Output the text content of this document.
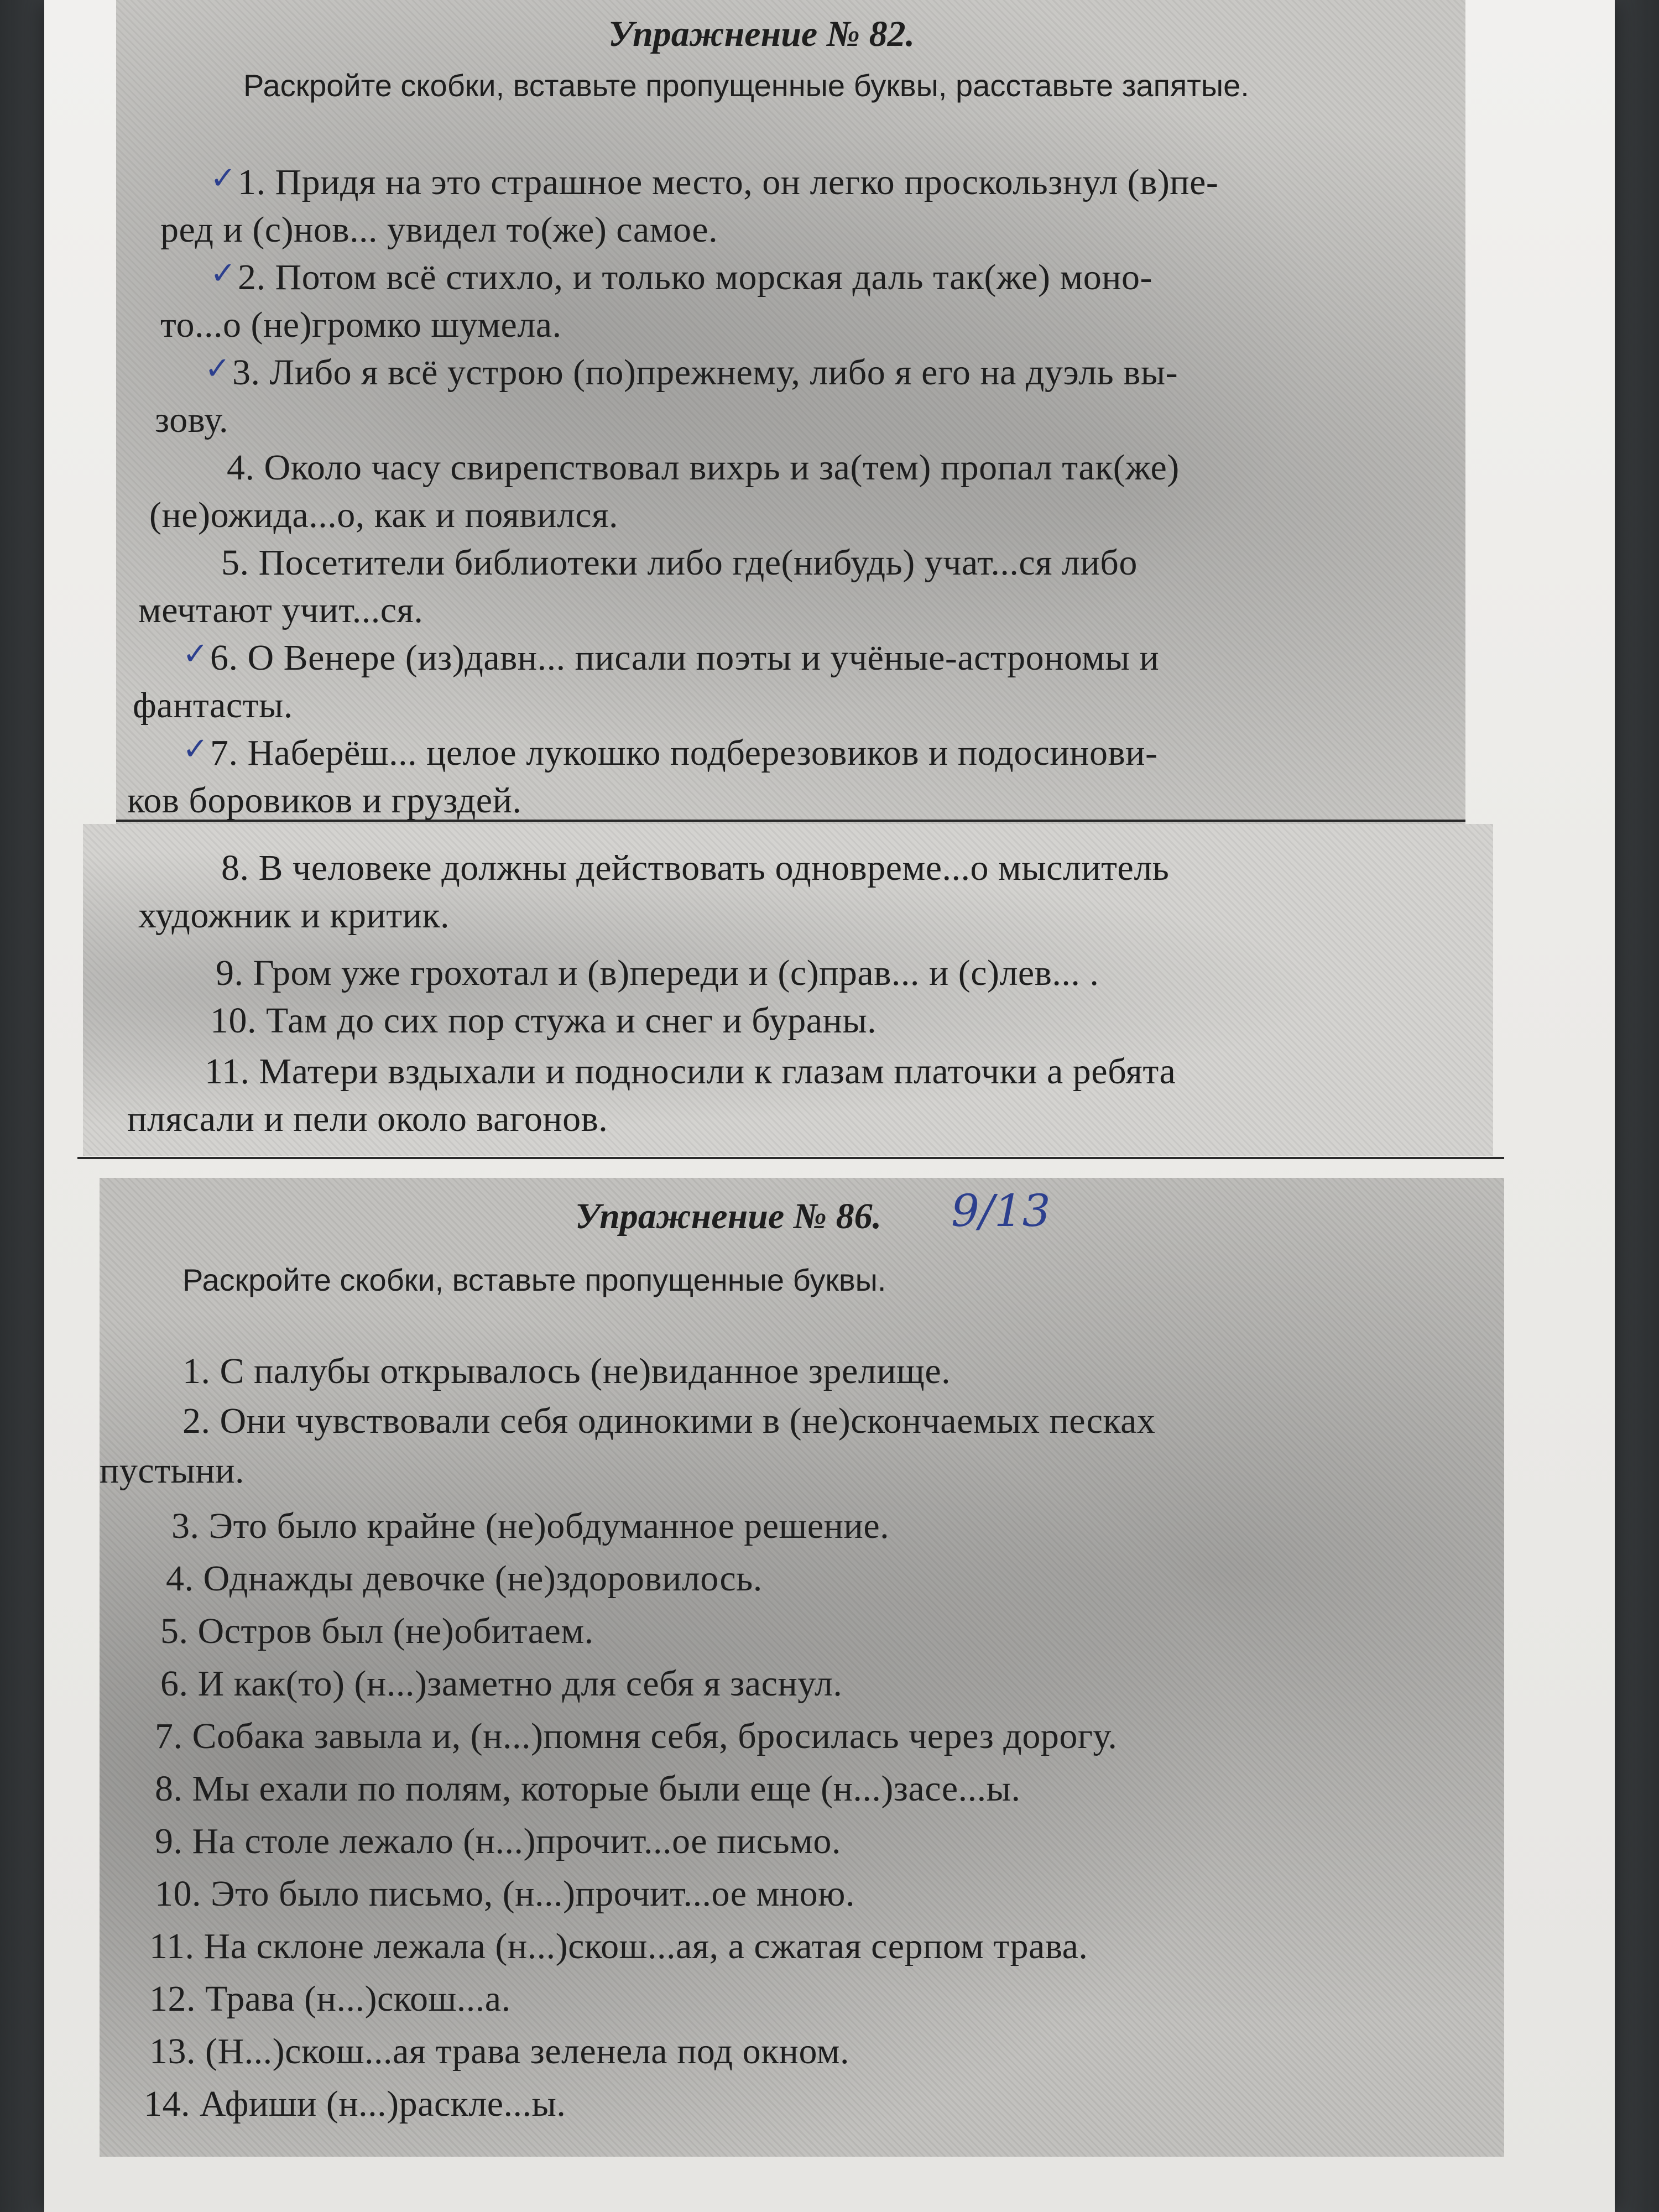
Упражнение № 82.
Раскройте скобки, вставьте пропущенные буквы, расставьте запятые.
✓ 1. Придя на это страшное место, он легко проскользнул (в)пе-
ред и (с)нов... увидел то(же) самое.
✓ 2. Потом всё стихло, и только морская даль так(же) моно-
то...о (не)громко шумела.
✓ 3. Либо я всё устрою (по)прежнему, либо я его на дуэль вы-
зову.
4. Около часу свирепствовал вихрь и за(тем) пропал так(же)
(не)ожида...о, как и появился.
5. Посетители библиотеки либо где(нибудь) учат...ся либо
мечтают учит...ся.
✓ 6. О Венере (из)давн... писали поэты и учёные-астрономы и
фантасты.
✓ 7. Наберёш... целое лукошко подберезовиков и подосинови-
ков боровиков и груздей.
8. В человеке должны действовать одновреме...о мыслитель
художник и критик.
9. Гром уже грохотал и (в)переди и (с)прав... и (с)лев... .
10. Там до сих пор стужа и снег и бураны.
11. Матери вздыхали и подносили к глазам платочки а ребята
плясали и пели около вагонов.
Упражнение № 86. 9/13
Раскройте скобки, вставьте пропущенные буквы.
1. С палубы открывалось (не)виданное зрелище.
2. Они чувствовали себя одинокими в (не)скончаемых песках
пустыни.
3. Это было крайне (не)обдуманное решение.
4. Однажды девочке (не)здоровилось.
5. Остров был (не)обитаем.
6. И как(то) (н...)заметно для себя я заснул.
7. Собака завыла и, (н...)помня себя, бросилась через дорогу.
8. Мы ехали по полям, которые были еще (н...)засе...ы.
9. На столе лежало (н...)прочит...ое письмо.
10. Это было письмо, (н...)прочит...ое мною.
11. На склоне лежала (н...)скош...ая, а сжатая серпом трава.
12. Трава (н...)скош...а.
13. (Н...)скош...ая трава зеленела под окном.
14. Афиши (н...)раскле...ы.
